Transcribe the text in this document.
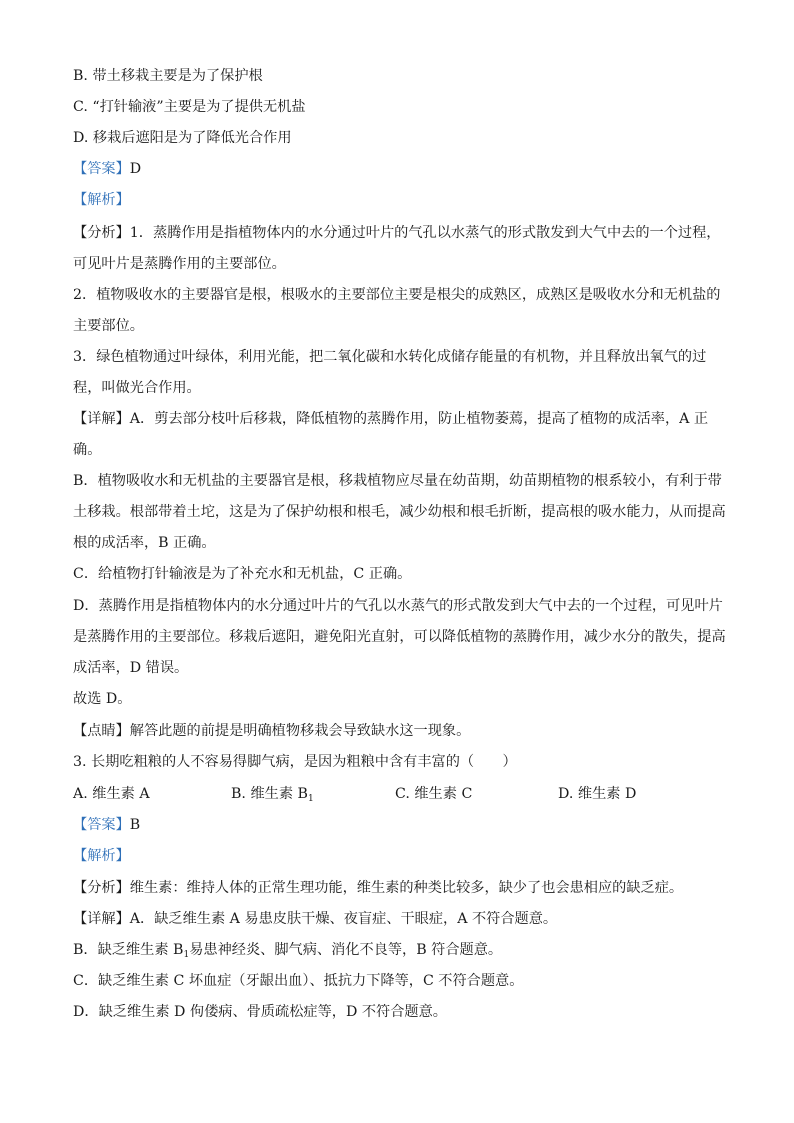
B. 带土移栽主要是为了保护根
C. “打针输液”主要是为了提供无机盐
D. 移栽后遮阳是为了降低光合作用
【答案】D
【解析】
【分析】1．蒸腾作用是指植物体内的水分通过叶片的气孔以水蒸气的形式散发到大气中去的一个过程，
可见叶片是蒸腾作用的主要部位。
2．植物吸收水的主要器官是根，根吸水的主要部位主要是根尖的成熟区，成熟区是吸收水分和无机盐的
主要部位。
3．绿色植物通过叶绿体，利用光能，把二氧化碳和水转化成储存能量的有机物，并且释放出氧气的过
程，叫做光合作用。
【详解】A．剪去部分枝叶后移栽，降低植物的蒸腾作用，防止植物萎蔫，提高了植物的成活率，A 正
确。
B．植物吸收水和无机盐的主要器官是根，移栽植物应尽量在幼苗期，幼苗期植物的根系较小，有利于带
土移栽。根部带着土坨，这是为了保护幼根和根毛，减少幼根和根毛折断，提高根的吸水能力，从而提高
根的成活率，B 正确。
C．给植物打针输液是为了补充水和无机盐，C 正确。
D．蒸腾作用是指植物体内的水分通过叶片的气孔以水蒸气的形式散发到大气中去的一个过程，可见叶片
是蒸腾作用的主要部位。移栽后遮阳，避免阳光直射，可以降低植物的蒸腾作用，减少水分的散失，提高
成活率，D 错误。
故选 D。
【点睛】解答此题的前提是明确植物移栽会导致缺水这一现象。
3. 长期吃粗粮的人不容易得脚气病，是因为粗粮中含有丰富的（　　）
A. 维生素 A	B. 维生素 $B_1$	C. 维生素 C	D. 维生素 D
【答案】B
【解析】
【分析】维生素：维持人体的正常生理功能，维生素的种类比较多，缺少了也会患相应的缺乏症。
【详解】A．缺乏维生素 A 易患皮肤干燥、夜盲症、干眼症，A 不符合题意。
B．缺乏维生素 $B_1$易患神经炎、脚气病、消化不良等，B 符合题意。
C．缺乏维生素 C 坏血症（牙龈出血）、抵抗力下降等，C 不符合题意。
D．缺乏维生素 D 佝偻病、骨质疏松症等，D 不符合题意。
